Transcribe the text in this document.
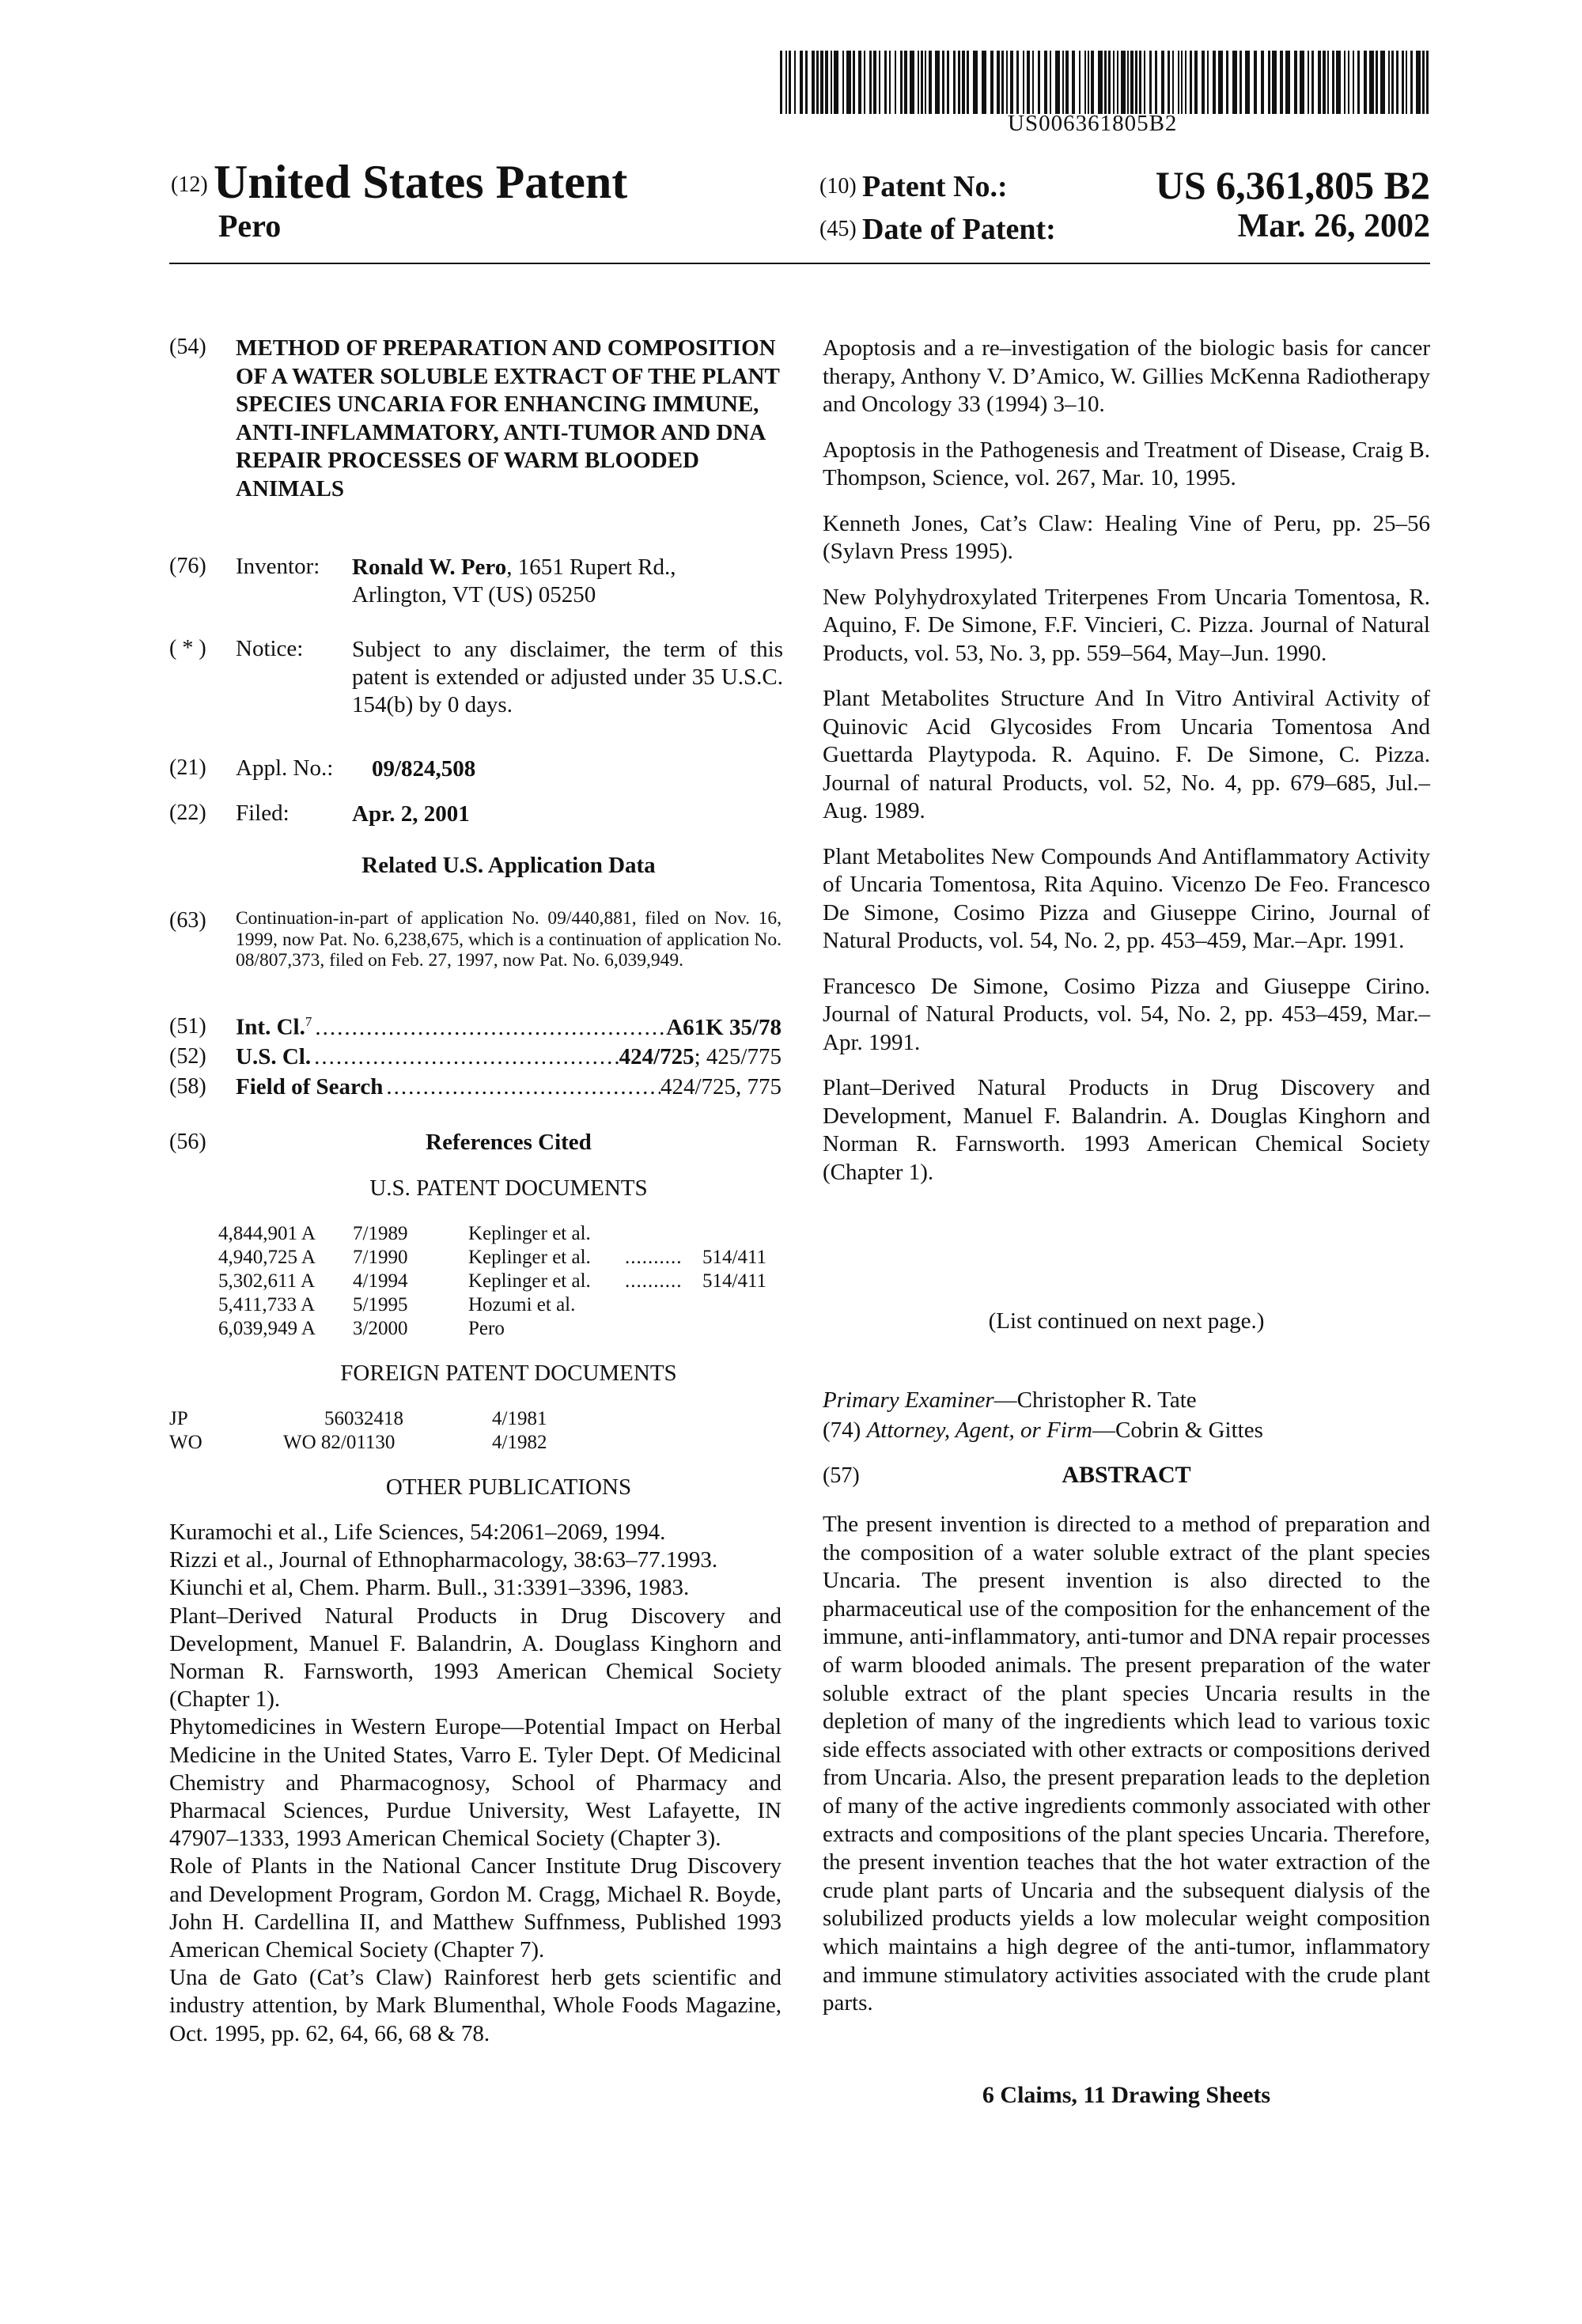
US006361805B2
(12) United States Patent
Pero
(10) Patent No.:	US 6,361,805 B2
(45) Date of Patent:	Mar. 26, 2002
(54) METHOD OF PREPARATION AND COMPOSITION OF A WATER SOLUBLE EXTRACT OF THE PLANT SPECIES UNCARIA FOR ENHANCING IMMUNE, ANTI-INFLAMMATORY, ANTI-TUMOR AND DNA REPAIR PROCESSES OF WARM BLOODED ANIMALS
(76) Inventor: Ronald W. Pero, 1651 Rupert Rd.,
Arlington, VT (US) 05250
( * ) Notice: Subject to any disclaimer, the term of this patent is extended or adjusted under 35 U.S.C. 154(b) by 0 days.
(21) Appl. No.: 09/824,508
(22) Filed:	Apr. 2, 2001
Related U.S. Application Data
(63) Continuation-in-part of application No. 09/440,881, filed on Nov. 16, 1999, now Pat. No. 6,238,675, which is a continuation of application No. 08/807,373, filed on Feb. 27, 1997, now Pat. No. 6,039,949.
(51) Int. Cl.$^7$ .....	A61K 35/78
(52) U.S. Cl. .....	424/725; 425/775
(58) Field of Search .....	424/725, 775
(56)	References Cited
U.S. PATENT DOCUMENTS
4,844,901 A 7/1989	Keplinger et al.
4,940,725 A 7/1990	Keplinger et al. .....	514/411
5,302,611 A 4/1994	Keplinger et al. .....	514/411
5,411,733 A 5/1995	Hozumi et al.
6,039,949 A 3/2000	Pero
FOREIGN PATENT DOCUMENTS
JP	56032418	4/1981
WO	WO 82/01130	4/1982
OTHER PUBLICATIONS

Kuramochi et al., Life Sciences, 54:2061–2069, 1994.

Rizzi et al., Journal of Ethnopharmacology, 38:63–77.1993.

Kiunchi et al, Chem. Pharm. Bull., 31:3391–3396, 1983.

Plant–Derived Natural Products in Drug Discovery and Development, Manuel F. Balandrin, A. Douglass Kinghorn and Norman R. Farnsworth, 1993 American Chemical Society (Chapter 1).

Phytomedicines in Western Europe—Potential Impact on Herbal Medicine in the United States, Varro E. Tyler Dept. Of Medicinal Chemistry and Pharmacognosy, School of Pharmacy and Pharmacal Sciences, Purdue University, West Lafayette, IN 47907–1333, 1993 American Chemical Society (Chapter 3).

Role of Plants in the National Cancer Institute Drug Discovery and Development Program, Gordon M. Cragg, Michael R. Boyde, John H. Cardellina II, and Matthew Suffnmess, Published 1993 American Chemical Society (Chapter 7).

Una de Gato (Cat’s Claw) Rainforest herb gets scientific and industry attention, by Mark Blumenthal, Whole Foods Magazine, Oct. 1995, pp. 62, 64, 66, 68 & 78.

Apoptosis and a re–investigation of the biologic basis for cancer therapy, Anthony V. D’Amico, W. Gillies McKenna Radiotherapy and Oncology 33 (1994) 3–10.

Apoptosis in the Pathogenesis and Treatment of Disease, Craig B. Thompson, Science, vol. 267, Mar. 10, 1995.

Kenneth Jones, Cat’s Claw: Healing Vine of Peru, pp. 25–56 (Sylavn Press 1995).

New Polyhydroxylated Triterpenes From Uncaria Tomentosa, R. Aquino, F. De Simone, F.F. Vincieri, C. Pizza. Journal of Natural Products, vol. 53, No. 3, pp. 559–564, May–Jun. 1990.

Plant Metabolites Structure And In Vitro Antiviral Activity of Quinovic Acid Glycosides From Uncaria Tomentosa And Guettarda Playtypoda. R. Aquino. F. De Simone, C. Pizza. Journal of natural Products, vol. 52, No. 4, pp. 679–685, Jul.–Aug. 1989.

Plant Metabolites New Compounds And Antiflammatory Activity of Uncaria Tomentosa, Rita Aquino. Vicenzo De Feo. Francesco De Simone, Cosimo Pizza and Giuseppe Cirino, Journal of Natural Products, vol. 54, No. 2, pp. 453–459, Mar.–Apr. 1991.

Francesco De Simone, Cosimo Pizza and Giuseppe Cirino. Journal of Natural Products, vol. 54, No. 2, pp. 453–459, Mar.–Apr. 1991.

Plant–Derived Natural Products in Drug Discovery and Development, Manuel F. Balandrin. A. Douglas Kinghorn and Norman R. Farnsworth. 1993 American Chemical Society (Chapter 1).

(List continued on next page.)
Primary Examiner—Christopher R. Tate
(74) Attorney, Agent, or Firm—Cobrin & Gittes
(57)	ABSTRACT
The present invention is directed to a method of preparation and the composition of a water soluble extract of the plant species Uncaria. The present invention is also directed to the pharmaceutical use of the composition for the enhancement of the immune, anti-inflammatory, anti-tumor and DNA repair processes of warm blooded animals. The present preparation of the water soluble extract of the plant species Uncaria results in the depletion of many of the ingredients which lead to various toxic side effects associated with other extracts or compositions derived from Uncaria. Also, the present preparation leads to the depletion of many of the active ingredients commonly associated with other extracts and compositions of the plant species Uncaria. Therefore, the present invention teaches that the hot water extraction of the crude plant parts of Uncaria and the subsequent dialysis of the solubilized products yields a low molecular weight composition which maintains a high degree of the anti-tumor, inflammatory and immune stimulatory activities associated with the crude plant parts.
6 Claims, 11 Drawing Sheets
